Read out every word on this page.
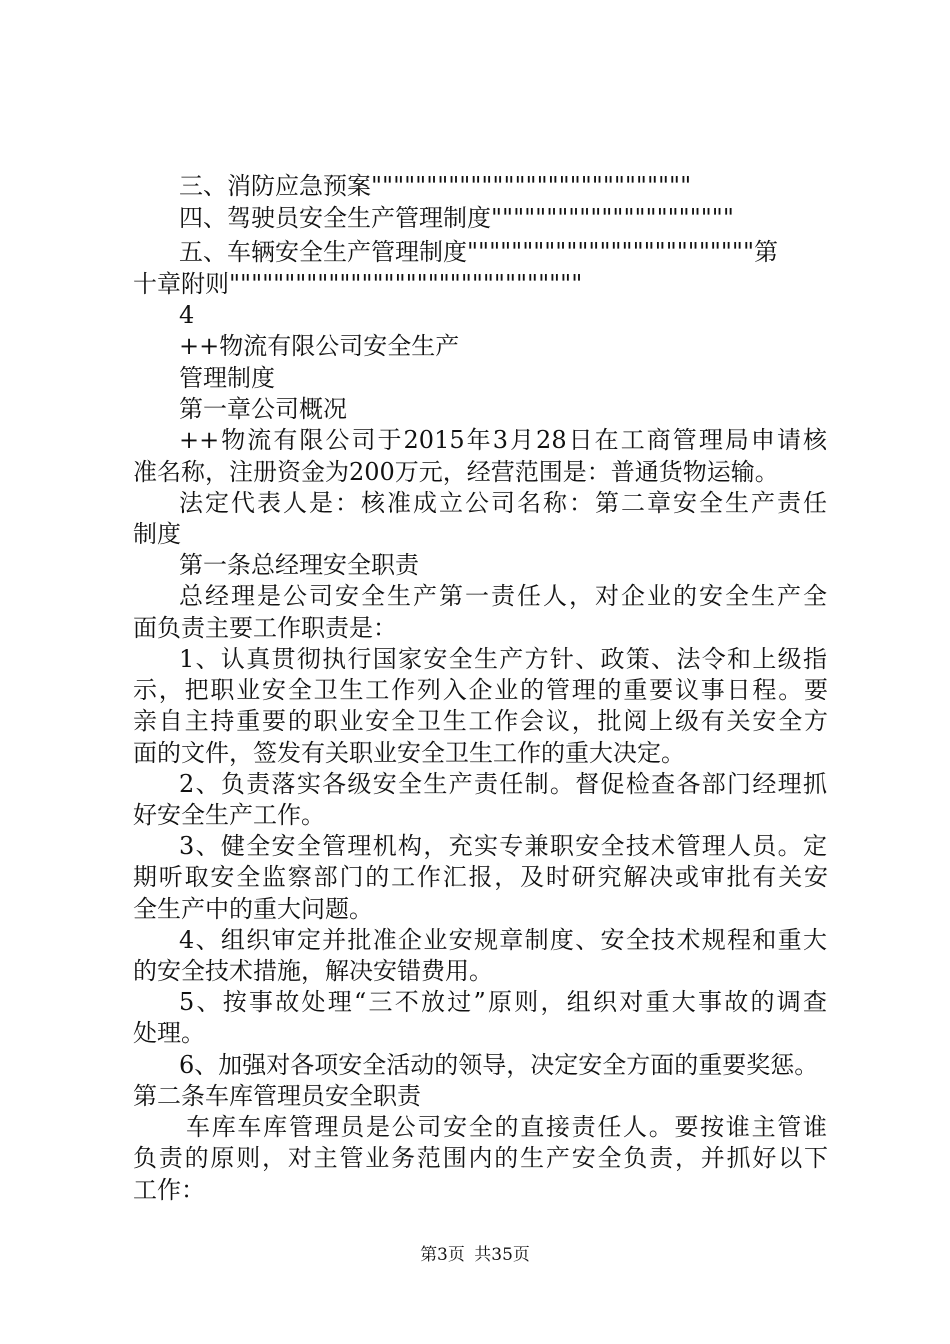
三、消防应急预案"""""""""""""""""""""""""""""
四、驾驶员安全生产管理制度""""""""""""""""""""""
五、车辆安全生产管理制度""""""""""""""""""""""""""第
十章附则""""""""""""""""""""""""""""""""
4
++物流有限公司安全生产
管理制度
第一章公司概况
++物流有限公司于2015年3月28日在工商管理局申请核
准名称，注册资金为200万元，经营范围是：普通货物运输。
法定代表人是：核准成立公司名称：第二章安全生产责任
制度
第一条总经理安全职责
总经理是公司安全生产第一责任人，对企业的安全生产全
面负责主要工作职责是：
1、认真贯彻执行国家安全生产方针、政策、法令和上级指
示，把职业安全卫生工作列入企业的管理的重要议事日程。要
亲自主持重要的职业安全卫生工作会议，批阅上级有关安全方
面的文件，签发有关职业安全卫生工作的重大决定。
2、负责落实各级安全生产责任制。督促检查各部门经理抓
好安全生产工作。
3、健全安全管理机构，充实专兼职安全技术管理人员。定
期听取安全监察部门的工作汇报，及时研究解决或审批有关安
全生产中的重大问题。
4、组织审定并批准企业安规章制度、安全技术规程和重大
的安全技术措施，解决安错费用。
5、按事故处理“三不放过”原则，组织对重大事故的调查
处理。
6、加强对各项安全活动的领导，决定安全方面的重要奖惩。
第二条车库管理员安全职责
车库车库管理员是公司安全的直接责任人。要按谁主管谁
负责的原则，对主管业务范围内的生产安全负责，并抓好以下
工作：
第3页 共35页
